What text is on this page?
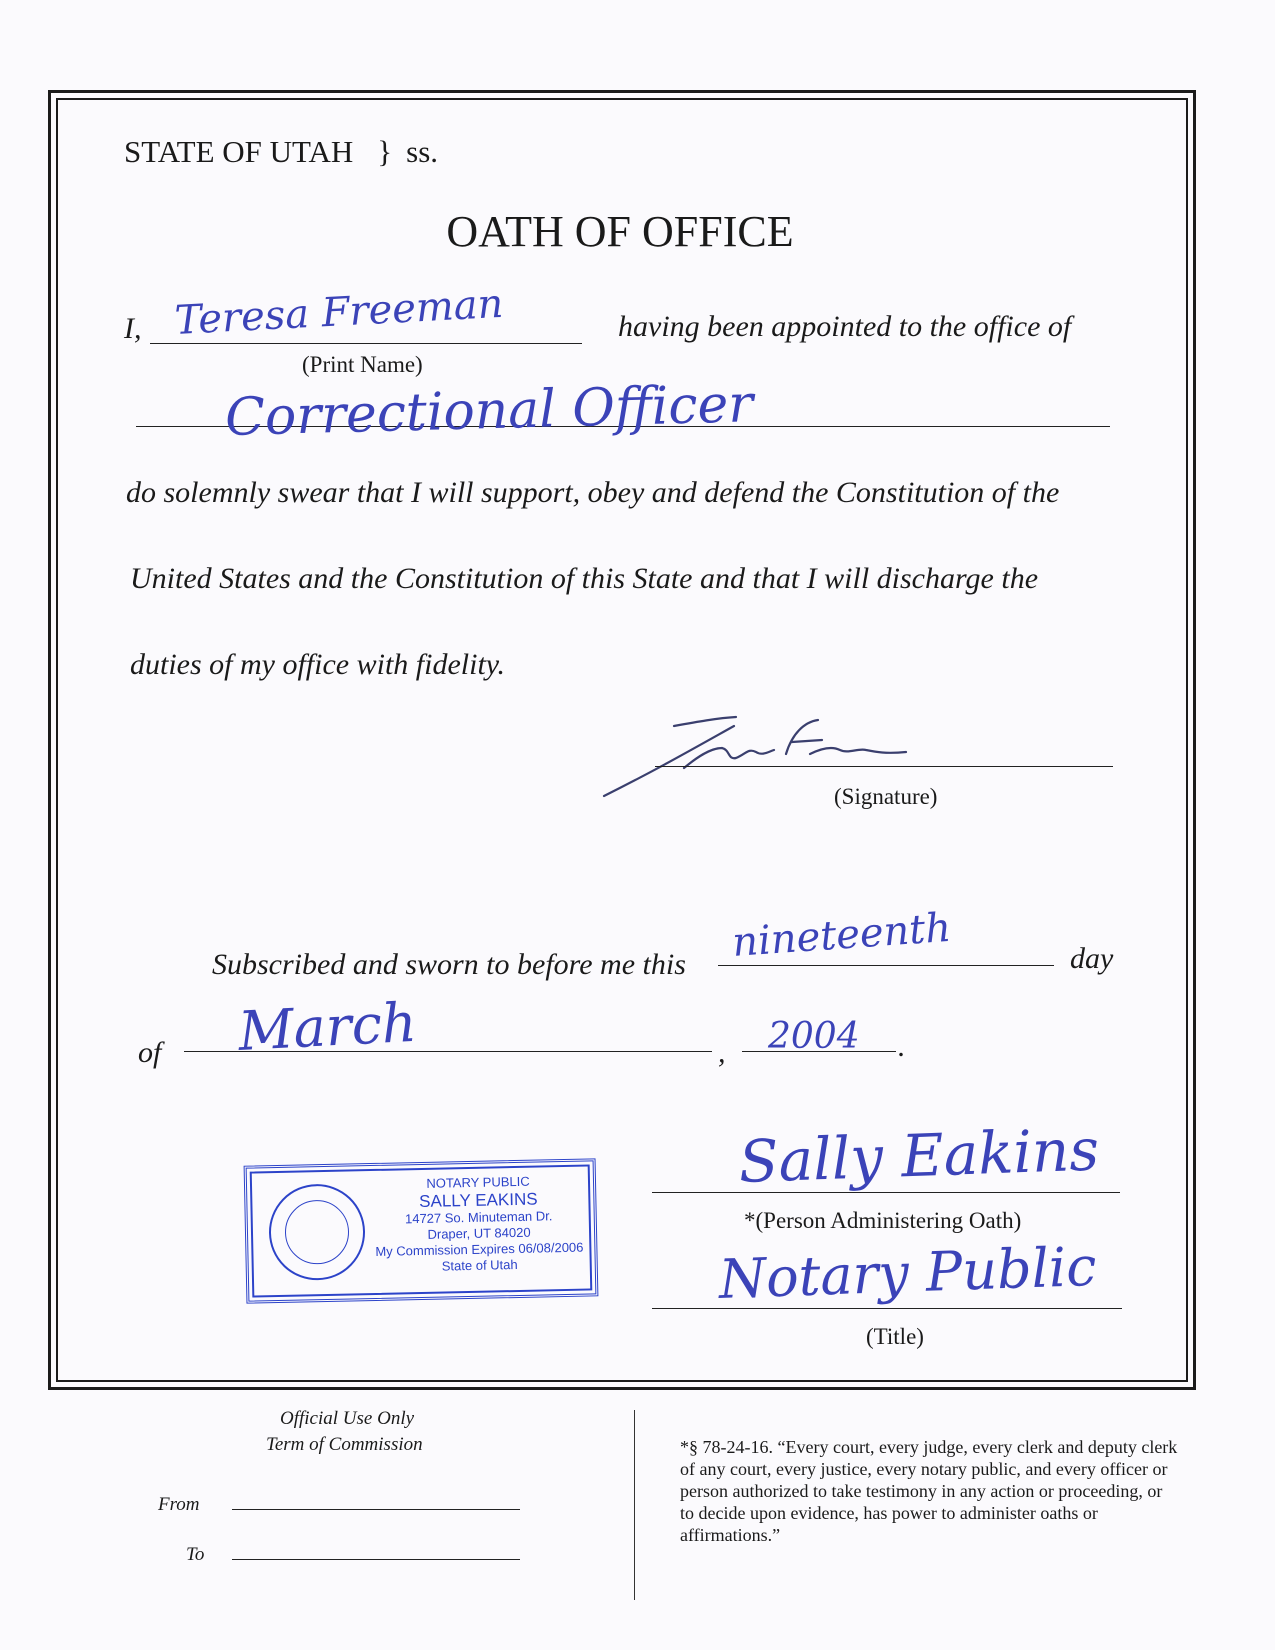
STATE OF UTAH } ss.
OATH OF OFFICE
I, Teresa Freeman
(Print Name)
having been appointed to the office of
Correctional Officer
do solemnly swear that I will support, obey and defend the Constitution of the
United States and the Constitution of this State and that I will discharge the
duties of my office with fidelity.
(Signature)
Subscribed and sworn to before me this nineteenth	day
of March	, 2004 .
NOTARY PUBLIC
SALLY EAKINS
14727 So. Minuteman Dr.
Draper, UT 84020
My Commission Expires 06/08/2006
State of Utah
Sally Eakins
*(Person Administering Oath)
Notary Public
(Title)
Official Use Only
Term of Commission
From
To
*§ 78-24-16. “Every court, every judge, every clerk and deputy clerk of any court, every justice, every notary public, and every officer or person authorized to take testimony in any action or proceeding, or to decide upon evidence, has power to administer oaths or affirmations.”
